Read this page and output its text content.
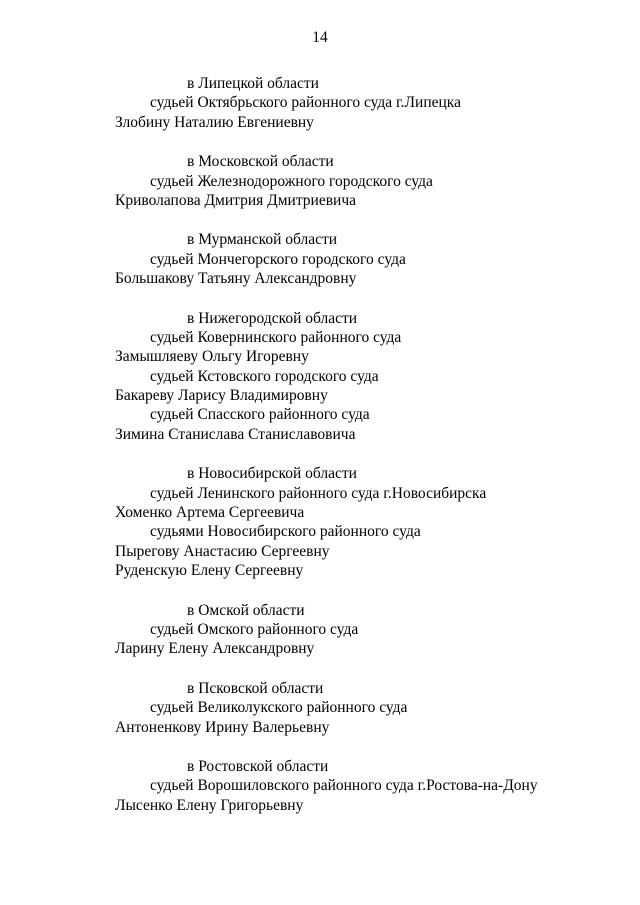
14
в Липецкой области
судьей Октябрьского районного суда г.Липецка
Злобину Наталию Евгениевну
в Московской области
судьей Железнодорожного городского суда
Криволапова Дмитрия Дмитриевича
в Мурманской области
судьей Мончегорского городского суда
Большакову Татьяну Александровну
в Нижегородской области
судьей Ковернинского районного суда
Замышляеву Ольгу Игоревну
судьей Кстовского городского суда
Бакареву Ларису Владимировну
судьей Спасского районного суда
Зимина Станислава Станиславовича
в Новосибирской области
судьей Ленинского районного суда г.Новосибирска
Хоменко Артема Сергеевича
судьями Новосибирского районного суда
Пырегову Анастасию Сергеевну
Руденскую Елену Сергеевну
в Омской области
судьей Омского районного суда
Ларину Елену Александровну
в Псковской области
судьей Великолукского районного суда
Антоненкову Ирину Валерьевну
в Ростовской области
судьей Ворошиловского районного суда г.Ростова-на-Дону
Лысенко Елену Григорьевну
